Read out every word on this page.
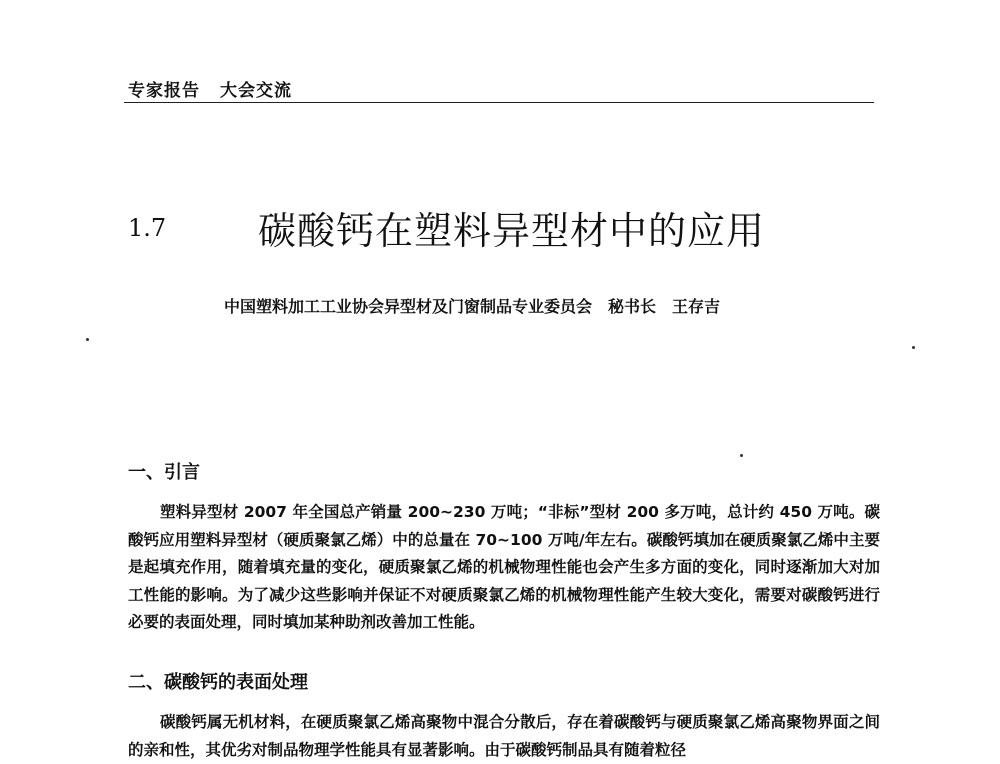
专家报告 大会交流
1.7 碳酸钙在塑料异型材中的应用
中国塑料加工工业协会异型材及门窗制品专业委员会 秘书长 王存吉
一、引言
塑料异型材 2007 年全国总产销量 200~230 万吨；“非标”型材 200 多万吨，总计约 450 万吨。碳酸钙应用塑料异型材（硬质聚氯乙烯）中的总量在 70~100 万吨/年左右。碳酸钙填加在硬质聚氯乙烯中主要是起填充作用，随着填充量的变化，硬质聚氯乙烯的机械物理性能也会产生多方面的变化，同时逐渐加大对加工性能的影响。为了减少这些影响并保证不对硬质聚氯乙烯的机械物理性能产生较大变化，需要对碳酸钙进行必要的表面处理，同时填加某种助剂改善加工性能。
二、碳酸钙的表面处理
碳酸钙属无机材料，在硬质聚氯乙烯高聚物中混合分散后，存在着碳酸钙与硬质聚氯乙烯高聚物界面之间的亲和性，其优劣对制品物理学性能具有显著影响。由于碳酸钙制品具有随着粒径
